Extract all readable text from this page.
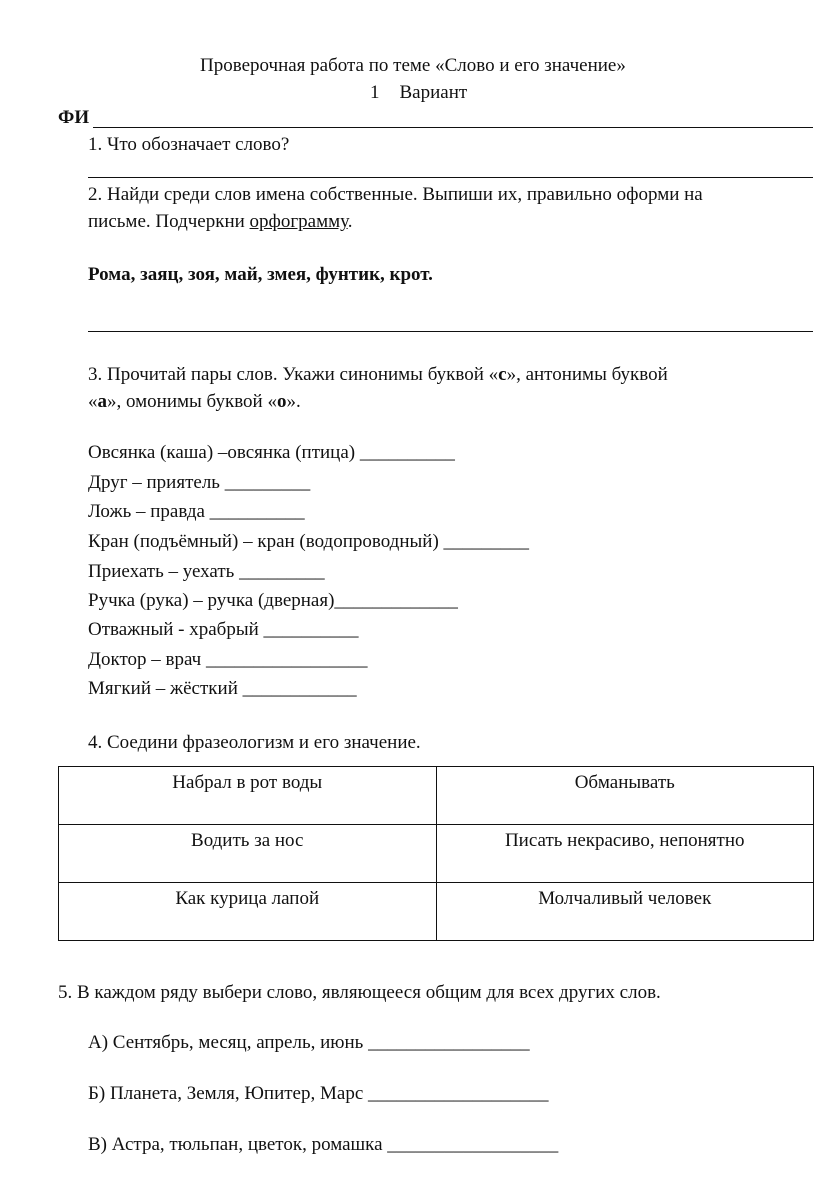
Проверочная работа по теме «Слово и его значение»
1 Вариант
ФИ
1. Что обозначает слово?
2. Найди среди слов имена собственные. Выпиши их, правильно оформи на
письме. Подчеркни орфограмму.
Рома, заяц, зоя, май, змея, фунтик, крот.
3. Прочитай пары слов. Укажи синонимы буквой «с», антонимы буквой
«а», омонимы буквой «о».
Овсянка (каша) –овсянка (птица) __________
Друг – приятель _________
Ложь – правда __________
Кран (подъёмный) – кран (водопроводный) _________
Приехать – уехать _________
Ручка (рука) – ручка (дверная)_____________
Отважный - храбрый __________
Доктор – врач _________________
Мягкий – жёсткий ____________
4. Соедини фразеологизм и его значение.
Набрал в рот воды	Обманывать
Водить за нос	Писать некрасиво, непонятно
Как курица лапой	Молчаливый человек
5. В каждом ряду выбери слово, являющееся общим для всех других слов.
А) Сентябрь, месяц, апрель, июнь _________________
Б) Планета, Земля, Юпитер, Марс ___________________
В) Астра, тюльпан, цветок, ромашка __________________
